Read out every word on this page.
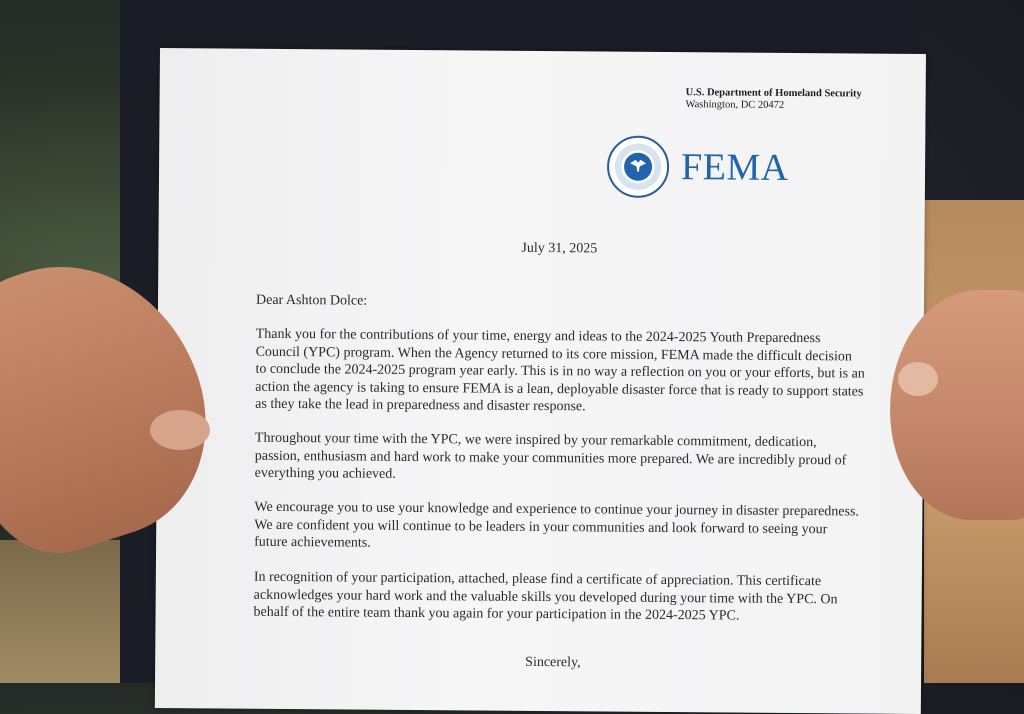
U.S. Department of Homeland Security
Washington, DC 20472
FEMA
July 31, 2025
Dear Ashton Dolce:

Thank you for the contributions of your time, energy and ideas to the 2024-2025 Youth Preparedness Council (YPC) program. When the Agency returned to its core mission, FEMA made the difficult decision to conclude the 2024-2025 program year early. This is in no way a reflection on you or your efforts, but is an action the agency is taking to ensure FEMA is a lean, deployable disaster force that is ready to support states as they take the lead in preparedness and disaster response.

Throughout your time with the YPC, we were inspired by your remarkable commitment, dedication, passion, enthusiasm and hard work to make your communities more prepared. We are incredibly proud of everything you achieved.

We encourage you to use your knowledge and experience to continue your journey in disaster preparedness. We are confident you will continue to be leaders in your communities and look forward to seeing your future achievements.

In recognition of your participation, attached, please find a certificate of appreciation. This certificate acknowledges your hard work and the valuable skills you developed during your time with the YPC. On behalf of the entire team thank you again for your participation in the 2024-2025 YPC.

Sincerely,
